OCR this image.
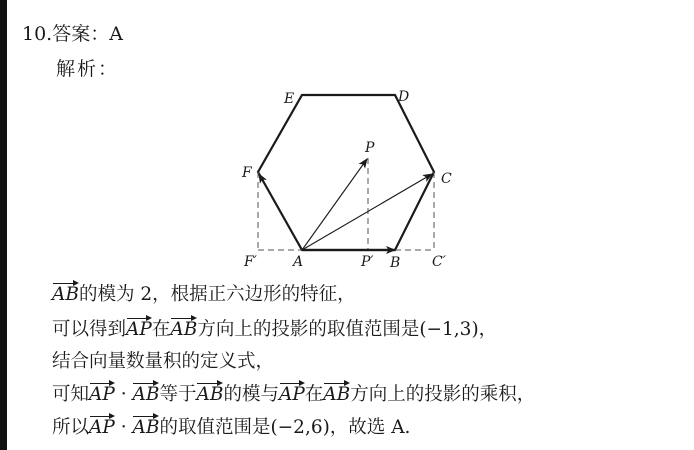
10.答案：A
解析：
E	D
F	C
P
F′	A	P′ B C′
AB的模为 2，根据正六边形的特征，
可以得到AP在AB方向上的投影的取值范围是(−1,3)，
结合向量数量积的定义式，
可知AP · AB等于AB的模与AP在AB方向上的投影的乘积，
所以AP · AB的取值范围是(−2,6)，故选 A.
